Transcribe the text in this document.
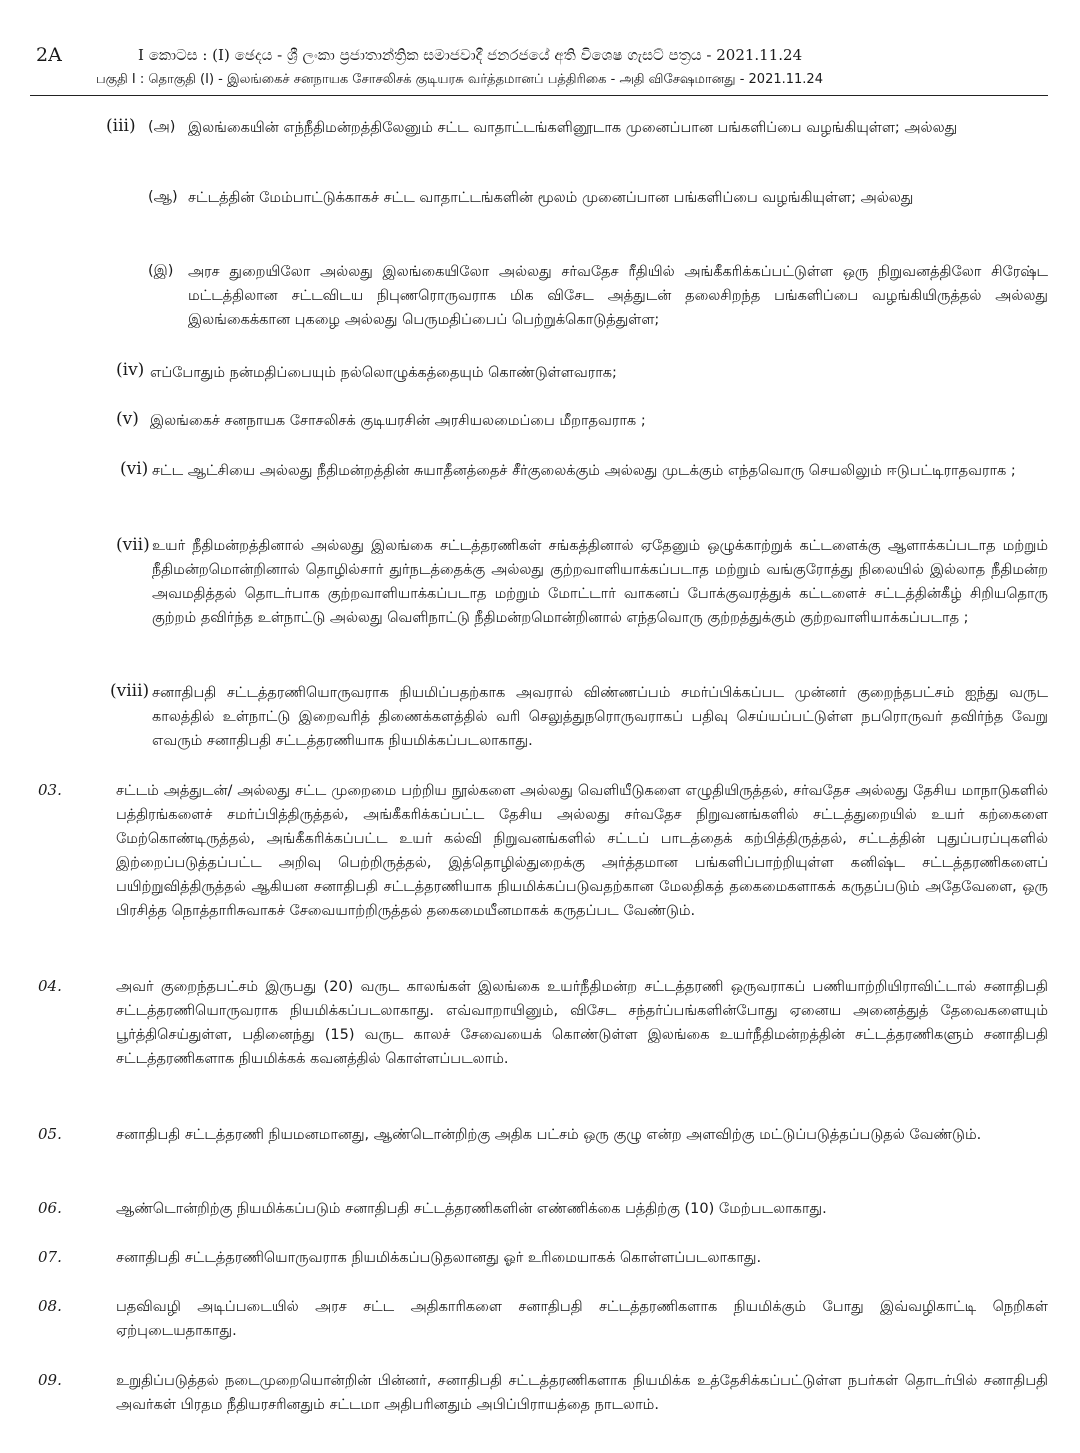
2A	I කොටස : (I) ඡෙදය - ශ්‍රී ලංකා ප්‍රජාතාන්ත්‍රික සමාජවාදී ජනරජයේ අති විශෙෂ ගැසට් පත්‍රය - 2021.11.24
பகுதி I : தொகுதி (I) - இலங்கைச் சனநாயக சோசலிசக் குடியரசு வர்த்தமானப் பத்திரிகை - அதி விசேஷமானது - 2021.11.24
(iii) (அ) இலங்கையின் எந்நீதிமன்றத்திலேனும் சட்ட வாதாட்டங்களினூடாக முனைப்பான பங்களிப்பை வழங்கியுள்ள; அல்லது
(ஆ) சட்டத்தின் மேம்பாட்டுக்காகச் சட்ட வாதாட்டங்களின் மூலம் முனைப்பான பங்களிப்பை வழங்கியுள்ள; அல்லது
(இ) அரச துறையிலோ அல்லது இலங்கையிலோ அல்லது சர்வதேச ரீதியில் அங்கீகரிக்கப்பட்டுள்ள ஒரு நிறுவனத்திலோ சிரேஷ்ட மட்டத்திலான சட்டவிடய நிபுணரொருவராக மிக விசேட அத்துடன் தலைசிறந்த பங்களிப்பை வழங்கியிருத்தல் அல்லது இலங்கைக்கான புகழை அல்லது பெருமதிப்பைப் பெற்றுக்கொடுத்துள்ள;
(iv) எப்போதும் நன்மதிப்பையும் நல்லொழுக்கத்தையும் கொண்டுள்ளவராக;
(v) இலங்கைச் சனநாயக சோசலிசக் குடியரசின் அரசியலமைப்பை மீறாதவராக ;
(vi) சட்ட ஆட்சியை அல்லது நீதிமன்றத்தின் சுயாதீனத்தைச் சீர்குலைக்கும் அல்லது முடக்கும் எந்தவொரு செயலிலும் ஈடுபட்டிராதவராக ;
(vii) உயர் நீதிமன்றத்தினால் அல்லது இலங்கை சட்டத்தரணிகள் சங்கத்தினால் ஏதேனும் ஒழுக்காற்றுக் கட்டளைக்கு ஆளாக்கப்படாத மற்றும் நீதிமன்றமொன்றினால் தொழில்சார் துர்நடத்தைக்கு அல்லது குற்றவாளியாக்கப்படாத மற்றும் வங்குரோத்து நிலையில் இல்லாத நீதிமன்ற அவமதித்தல் தொடர்பாக குற்றவாளியாக்கப்படாத மற்றும் மோட்டார் வாகனப் போக்குவரத்துக் கட்டளைச் சட்டத்தின்கீழ் சிறியதொரு குற்றம் தவிர்ந்த உள்நாட்டு அல்லது வெளிநாட்டு நீதிமன்றமொன்றினால் எந்தவொரு குற்றத்துக்கும் குற்றவாளியாக்கப்படாத ;
(viii) சனாதிபதி சட்டத்தரணியொருவராக நியமிப்பதற்காக அவரால் விண்ணப்பம் சமர்ப்பிக்கப்பட முன்னர் குறைந்தபட்சம் ஐந்து வருட காலத்தில் உள்நாட்டு இறைவரித் திணைக்களத்தில் வரி செலுத்துநரொருவராகப் பதிவு செய்யப்பட்டுள்ள நபரொருவர் தவிர்ந்த வேறு எவரும் சனாதிபதி சட்டத்தரணியாக நியமிக்கப்படலாகாது.
03.	சட்டம் அத்துடன்/ அல்லது சட்ட முறைமை பற்றிய நூல்களை அல்லது வெளியீடுகளை எழுதியிருத்தல், சர்வதேச அல்லது தேசிய மாநாடுகளில் பத்திரங்களைச் சமர்ப்பித்திருத்தல், அங்கீகரிக்கப்பட்ட தேசிய அல்லது சர்வதேச நிறுவனங்களில் சட்டத்துறையில் உயர் கற்கைளை மேற்கொண்டிருத்தல், அங்கீகரிக்கப்பட்ட உயர் கல்வி நிறுவனங்களில் சட்டப் பாடத்தைக் கற்பித்திருத்தல், சட்டத்தின் புதுப்பரப்புகளில் இற்றைப்படுத்தப்பட்ட அறிவு பெற்றிருத்தல், இத்தொழில்துறைக்கு அர்த்தமான பங்களிப்பாற்றியுள்ள கனிஷ்ட சட்டத்தரணிகளைப் பயிற்றுவித்திருத்தல் ஆகியன சனாதிபதி சட்டத்தரணியாக நியமிக்கப்படுவதற்கான மேலதிகத் தகைமைகளாகக் கருதப்படும் அதேவேளை, ஒரு பிரசித்த நொத்தாரிசுவாகச் சேவையாற்றிருத்தல் தகைமையீனமாகக் கருதப்பட வேண்டும்.
04.	அவர் குறைந்தபட்சம் இருபது (20) வருட காலங்கள் இலங்கை உயர்நீதிமன்ற சட்டத்தரணி ஒருவராகப் பணியாற்றியிராவிட்டால் சனாதிபதி சட்டத்தரணியொருவராக நியமிக்கப்படலாகாது. எவ்வாறாயினும், விசேட சந்தர்ப்பங்களின்போது ஏனைய அனைத்துத் தேவைகளையும் பூர்த்திசெய்துள்ள, பதினைந்து (15) வருட காலச் சேவையைக் கொண்டுள்ள இலங்கை உயர்நீதிமன்றத்தின் சட்டத்தரணிகளும் சனாதிபதி சட்டத்தரணிகளாக நியமிக்கக் கவனத்தில் கொள்ளப்படலாம்.
05.	சனாதிபதி சட்டத்தரணி நியமனமானது, ஆண்டொன்றிற்கு அதிக பட்சம் ஒரு குழு என்ற அளவிற்கு மட்டுப்படுத்தப்படுதல் வேண்டும்.
06.	ஆண்டொன்றிற்கு நியமிக்கப்படும் சனாதிபதி சட்டத்தரணிகளின் எண்ணிக்கை பத்திற்கு (10) மேற்படலாகாது.
07.	சனாதிபதி சட்டத்தரணியொருவராக நியமிக்கப்படுதலானது ஓர் உரிமையாகக் கொள்ளப்படலாகாது.
08.	பதவிவழி அடிப்படையில் அரச சட்ட அதிகாரிகளை சனாதிபதி சட்டத்தரணிகளாக நியமிக்கும் போது இவ்வழிகாட்டி நெறிகள் ஏற்புடையதாகாது.
09.	உறுதிப்படுத்தல் நடைமுறையொன்றின் பின்னர், சனாதிபதி சட்டத்தரணிகளாக நியமிக்க உத்தேசிக்கப்பட்டுள்ள நபர்கள் தொடர்பில் சனாதிபதி அவர்கள் பிரதம நீதியரசரினதும் சட்டமா அதிபரினதும் அபிப்பிராயத்தை நாடலாம்.
